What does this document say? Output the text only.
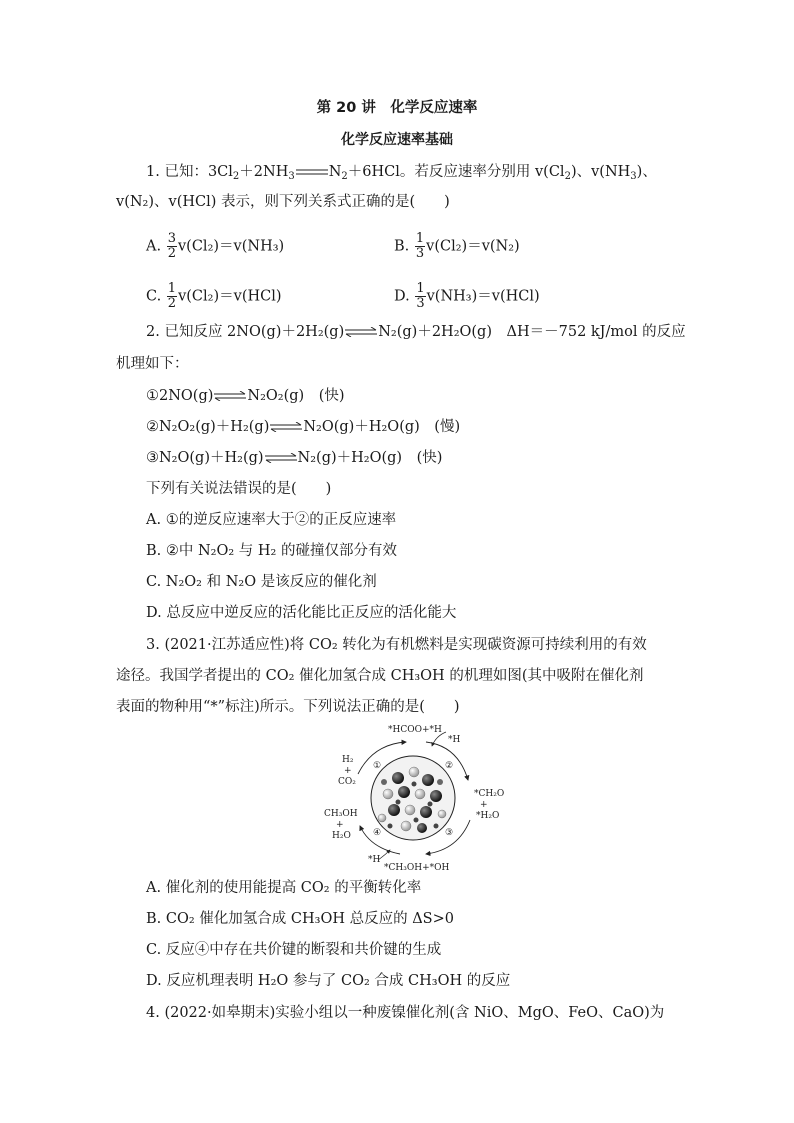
第 20 讲　化学反应速率
化学反应速率基础
1. 已知：$3Cl_2+2NH_3$ $N_2+6HCl$。若反应速率分别用 $v(Cl_2)$、$v(NH_3)$、
v(N₂)、v(HCl) 表示，则下列关系式正确的是(　　)
A. $\frac{3}{2} v(Cl_2)=v(NH_3)$	B. $\frac{1}{3} v(Cl_2)=v(N_2)$
C. $\frac{1}{2} v(Cl_2)=v(HCl)$	D. $\frac{1}{3} v(NH_3)=v(HCl)$
2. 已知反应 2NO(g)＋2H₂(g)⇌N₂(g)＋2H₂O(g)　ΔH＝－752 kJ/mol 的反应
机理如下：
①2NO(g)⇌N₂O₂(g)　(快)
②N₂O₂(g)＋H₂(g)⇌N₂O(g)＋H₂O(g)　(慢)
③N₂O(g)＋H₂(g)⇌N₂(g)＋H₂O(g)　(快)
下列有关说法错误的是(　　)
A. ①的逆反应速率大于②的正反应速率
B. ②中 N₂O₂ 与 H₂ 的碰撞仅部分有效
C. N₂O₂ 和 N₂O 是该反应的催化剂
D. 总反应中逆反应的活化能比正反应的活化能大
3. (2021·江苏适应性)将 CO₂ 转化为有机燃料是实现碳资源可持续利用的有效
途径。我国学者提出的 CO₂ 催化加氢合成 CH₃OH 的机理如图(其中吸附在催化剂
表面的物种用“*”标注)所示。下列说法正确的是(　　)
*HCOO+*H
*H
①	②
③
④
H₂
+
CO₂
*CH₂O
+
*H₂O
CH₃OH
+
H₂O
*H
*CH₃OH+*OH
A. 催化剂的使用能提高 CO₂ 的平衡转化率
B. CO₂ 催化加氢合成 CH₃OH 总反应的 ΔS>0
C. 反应④中存在共价键的断裂和共价键的生成
D. 反应机理表明 H₂O 参与了 CO₂ 合成 CH₃OH 的反应
4. (2022·如皋期末)实验小组以一种废镍催化剂(含 NiO、MgO、FeO、CaO)为
